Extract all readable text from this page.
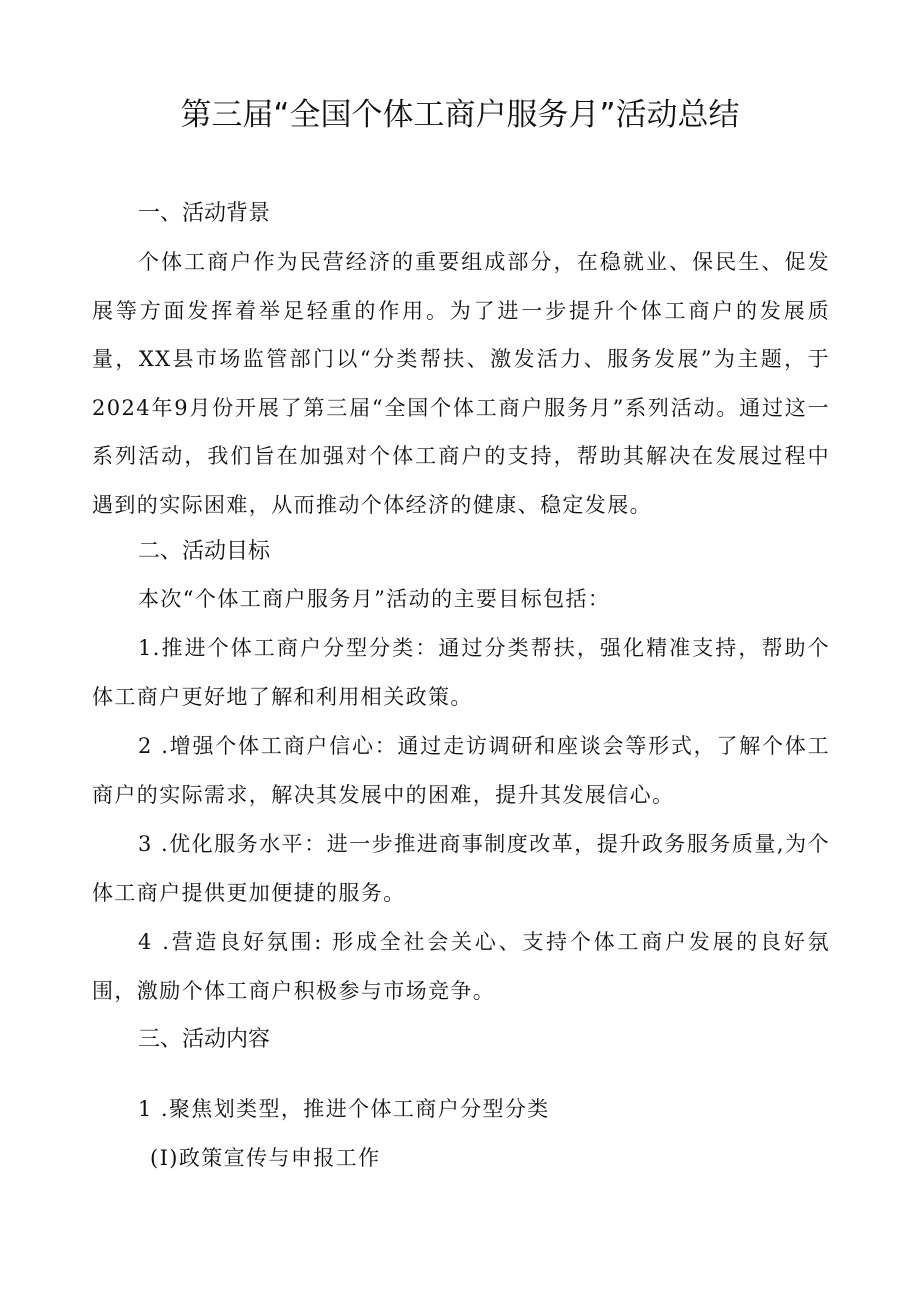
第三届“全国个体工商户服务月”活动总结
一、活动背景

个体工商户作为民营经济的重要组成部分，在稳就业、保民生、促发展等方面发挥着举足轻重的作用。为了进一步提升个体工商户的发展质量，XX县市场监管部门以“分类帮扶、激发活力、服务发展”为主题，于2024年9月份开展了第三届“全国个体工商户服务月”系列活动。通过这一系列活动，我们旨在加强对个体工商户的支持，帮助其解决在发展过程中遇到的实际困难，从而推动个体经济的健康、稳定发展。

二、活动目标

本次“个体工商户服务月”活动的主要目标包括：

1.推进个体工商户分型分类：通过分类帮扶，强化精准支持，帮助个体工商户更好地了解和利用相关政策。

2 .增强个体工商户信心：通过走访调研和座谈会等形式，了解个体工商户的实际需求，解决其发展中的困难，提升其发展信心。

3 .优化服务水平：进一步推进商事制度改革，提升政务服务质量,为个体工商户提供更加便捷的服务。

4 .营造良好氛围: 形成全社会关心、支持个体工商户发展的良好氛围，激励个体工商户积极参与市场竞争。

三、活动内容

1 .聚焦划类型，推进个体工商户分型分类

(I)政策宣传与申报工作
